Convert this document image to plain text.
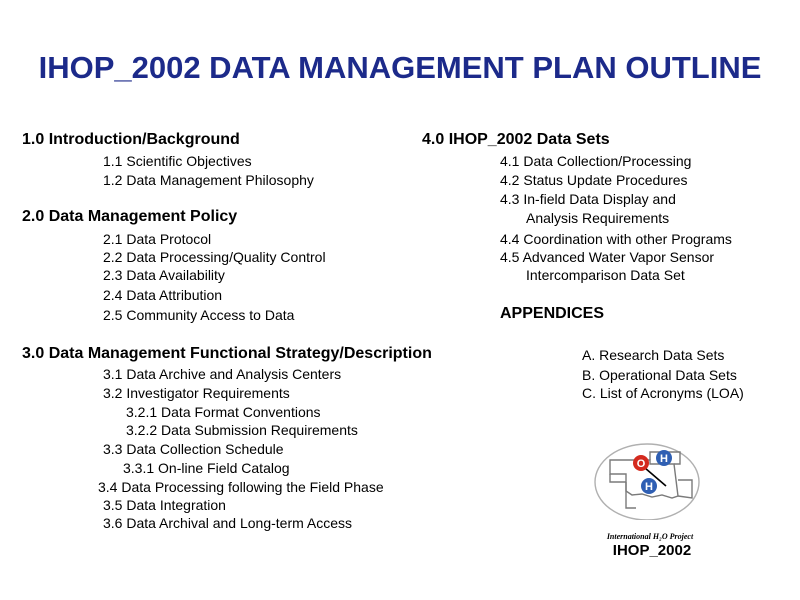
IHOP_2002 DATA MANAGEMENT PLAN OUTLINE
1.0 Introduction/Background
1.1 Scientific Objectives
1.2 Data Management Philosophy
2.0 Data Management Policy
2.1 Data Protocol
2.2 Data Processing/Quality Control
2.3 Data Availability
2.4 Data Attribution
2.5 Community Access to Data
3.0 Data Management Functional Strategy/Description
3.1 Data Archive and Analysis Centers
3.2 Investigator Requirements
3.2.1 Data Format Conventions
3.2.2 Data Submission Requirements
3.3 Data Collection Schedule
3.3.1 On-line Field Catalog
3.4 Data Processing following the Field Phase
3.5 Data Integration
3.6 Data Archival and Long-term Access
4.0 IHOP_2002 Data Sets
4.1 Data Collection/Processing
4.2 Status Update Procedures
4.3 In-field Data Display and
Analysis Requirements
4.4 Coordination with other Programs
4.5 Advanced Water Vapor Sensor
Intercomparison Data Set
APPENDICES
A. Research Data Sets
B. Operational Data Sets
C. List of Acronyms (LOA)
O H
H
International H₂O Project
IHOP_2002
